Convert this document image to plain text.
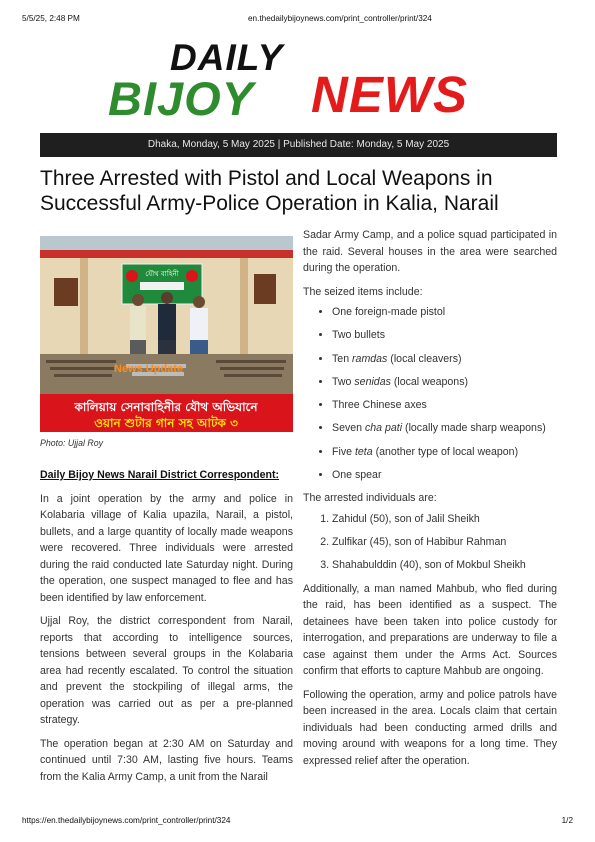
5/5/25, 2:48 PM	en.thedailybijoynews.com/print_controller/print/324
DAILY
BIJOY NEWS
Dhaka, Monday, 5 May 2025 | Published Date: Monday, 5 May 2025
Three Arrested with Pistol and Local Weapons in Successful Army-Police Operation in Kalia, Narail
যৌথ বাহিনী
News Update
কালিয়ায় সেনাবাহিনীর যৌথ অভিযানে
ওয়ান শুটার গান সহ আটক ৩
Photo: Ujjal Roy

Daily Bijoy News Narail District Correspondent:

In a joint operation by the army and police in Kolabaria village of Kalia upazila, Narail, a pistol, bullets, and a large quantity of locally made weapons were recovered. Three individuals were arrested during the raid conducted late Saturday night. During the operation, one suspect managed to flee and has been identified by law enforcement.

Ujjal Roy, the district correspondent from Narail, reports that according to intelligence sources, tensions between several groups in the Kolabaria area had recently escalated. To control the situation and prevent the stockpiling of illegal arms, the operation was carried out as per a pre-planned strategy.

The operation began at 2:30 AM on Saturday and continued until 7:30 AM, lasting five hours. Teams from the Kalia Army Camp, a unit from the Narail

Sadar Army Camp, and a police squad participated in the raid. Several houses in the area were searched during the operation.

The seized items include:

• One foreign-made pistol
• Two bullets
• Ten ramdas (local cleavers)
• Two senidas (local weapons)
• Three Chinese axes
• Seven cha pati (locally made sharp weapons)
• Five teta (another type of local weapon)
• One spear

The arrested individuals are:

1. Zahidul (50), son of Jalil Sheikh
2. Zulfikar (45), son of Habibur Rahman
3. Shahabulddin (40), son of Mokbul Sheikh

Additionally, a man named Mahbub, who fled during the raid, has been identified as a suspect. The detainees have been taken into police custody for interrogation, and preparations are underway to file a case against them under the Arms Act. Sources confirm that efforts to capture Mahbub are ongoing.

Following the operation, army and police patrols have been increased in the area. Locals claim that certain individuals had been conducting armed drills and moving around with weapons for a long time. They expressed relief after the operation.

https://en.thedailybijoynews.com/print_controller/print/324	1/2
